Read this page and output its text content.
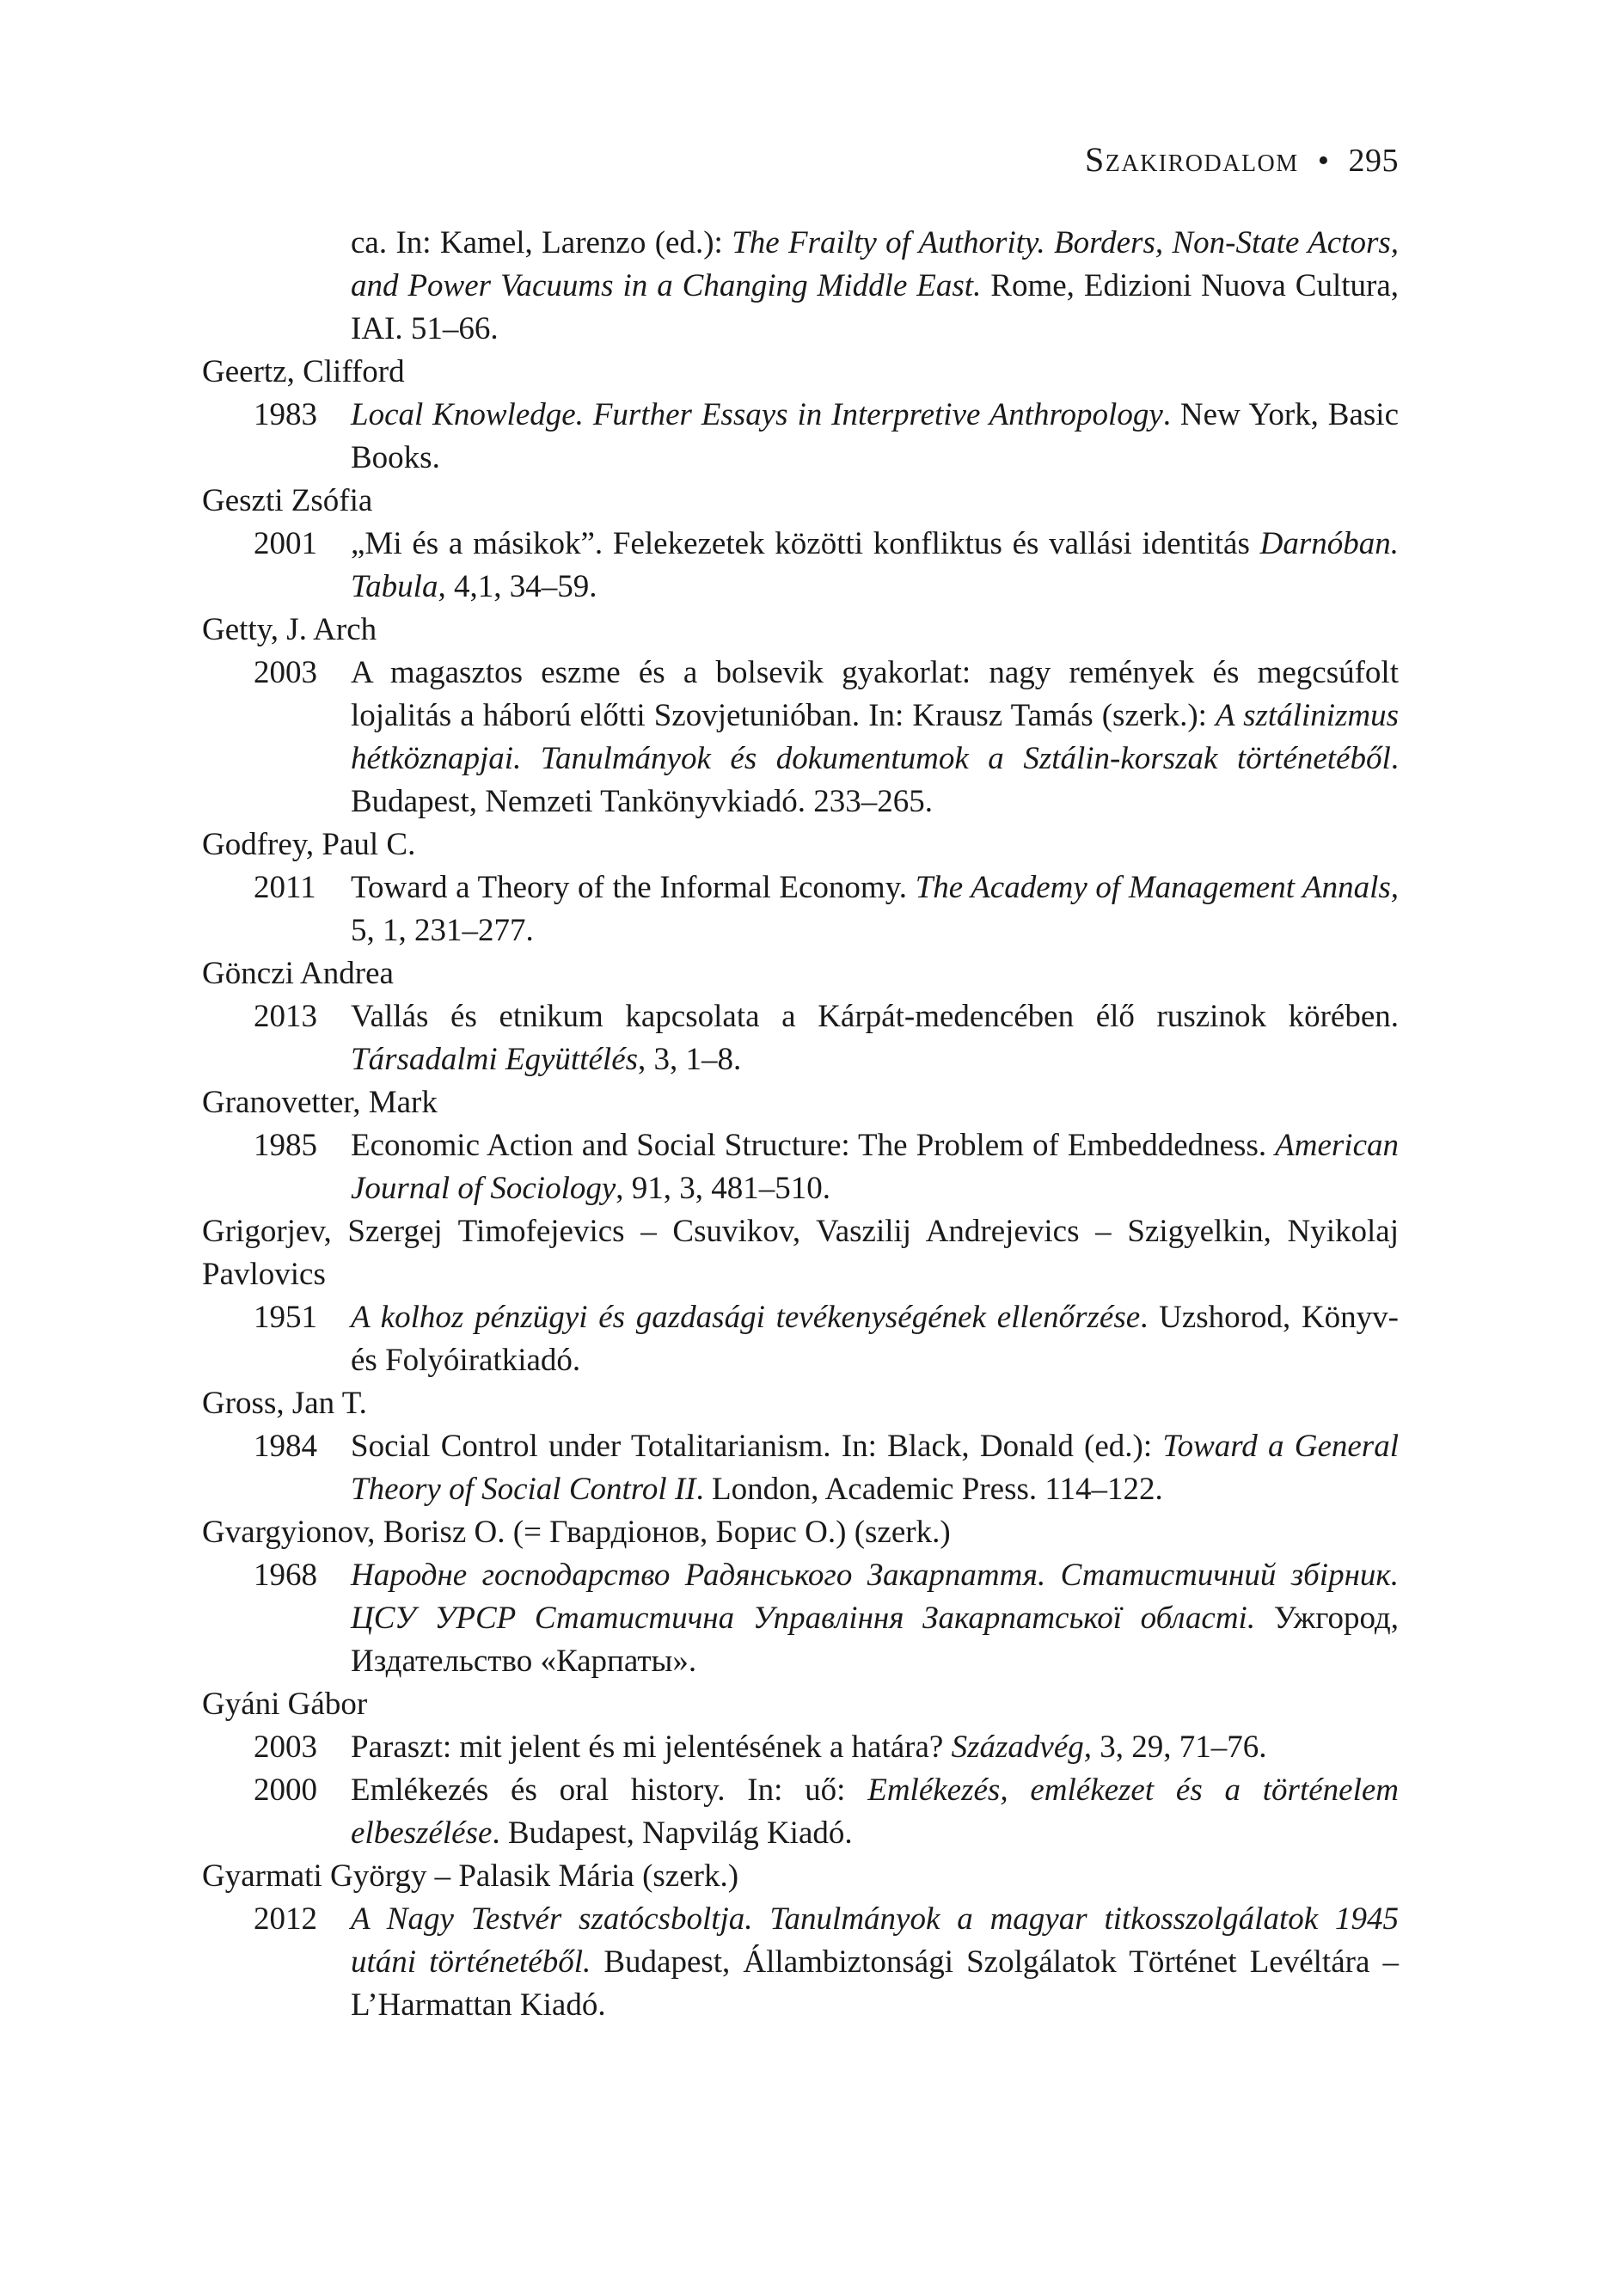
Szakirodalom • 295
ca. In: Kamel, Larenzo (ed.): The Frailty of Authority. Borders, Non-State Actors, and Power Vacuums in a Changing Middle East. Rome, Edizioni Nuova Cultura, IAI. 51–66.
Geertz, Clifford
1983	Local Knowledge. Further Essays in Interpretive Anthropology. New York, Basic Books.
Geszti Zsófia
2001	„Mi és a másikok”. Felekezetek közötti konfliktus és vallási identitás Darnóban. Tabula, 4,1, 34–59.
Getty, J. Arch
2003	A magasztos eszme és a bolsevik gyakorlat: nagy remények és megcsúfolt lojalitás a háború előtti Szovjetunióban. In: Krausz Tamás (szerk.): A sztálinizmus hétköznapjai. Tanulmányok és dokumentumok a Sztálin-korszak történetéből. Budapest, Nemzeti Tankönyvkiadó. 233–265.
Godfrey, Paul C.
2011	Toward a Theory of the Informal Economy. The Academy of Management Annals, 5, 1, 231–277.
Gönczi Andrea
2013	Vallás és etnikum kapcsolata a Kárpát-medencében élő ruszinok körében. Társadalmi Együttélés, 3, 1–8.
Granovetter, Mark
1985	Economic Action and Social Structure: The Problem of Embeddedness. American Journal of Sociology, 91, 3, 481–510.
Grigorjev, Szergej Timofejevics – Csuvikov, Vaszilij Andrejevics – Szigyelkin, Nyikolaj Pavlovics
1951	A kolhoz pénzügyi és gazdasági tevékenységének ellenőrzése. Uzshorod, Könyv- és Folyóiratkiadó.
Gross, Jan T.
1984	Social Control under Totalitarianism. In: Black, Donald (ed.): Toward a General Theory of Social Control II. London, Academic Press. 114–122.
Gvargyionov, Borisz O. (= Гвардіонов, Борис О.) (szerk.)
1968	Народне господарство Радянського Закарпаття. Статистичний збірник. ЦСУ УРСР Статистична Управління Закарпатської області. Ужгород, Издательство «Карпаты».
Gyáni Gábor
2003	Paraszt: mit jelent és mi jelentésének a határa? Századvég, 3, 29, 71–76.
2000	Emlékezés és oral history. In: uő: Emlékezés, emlékezet és a történelem elbeszélése. Budapest, Napvilág Kiadó.
Gyarmati György – Palasik Mária (szerk.)
2012	A Nagy Testvér szatócsboltja. Tanulmányok a magyar titkosszolgálatok 1945 utáni történetéből. Budapest, Állambiztonsági Szolgálatok Történet Levéltára – L’Harmattan Kiadó.
